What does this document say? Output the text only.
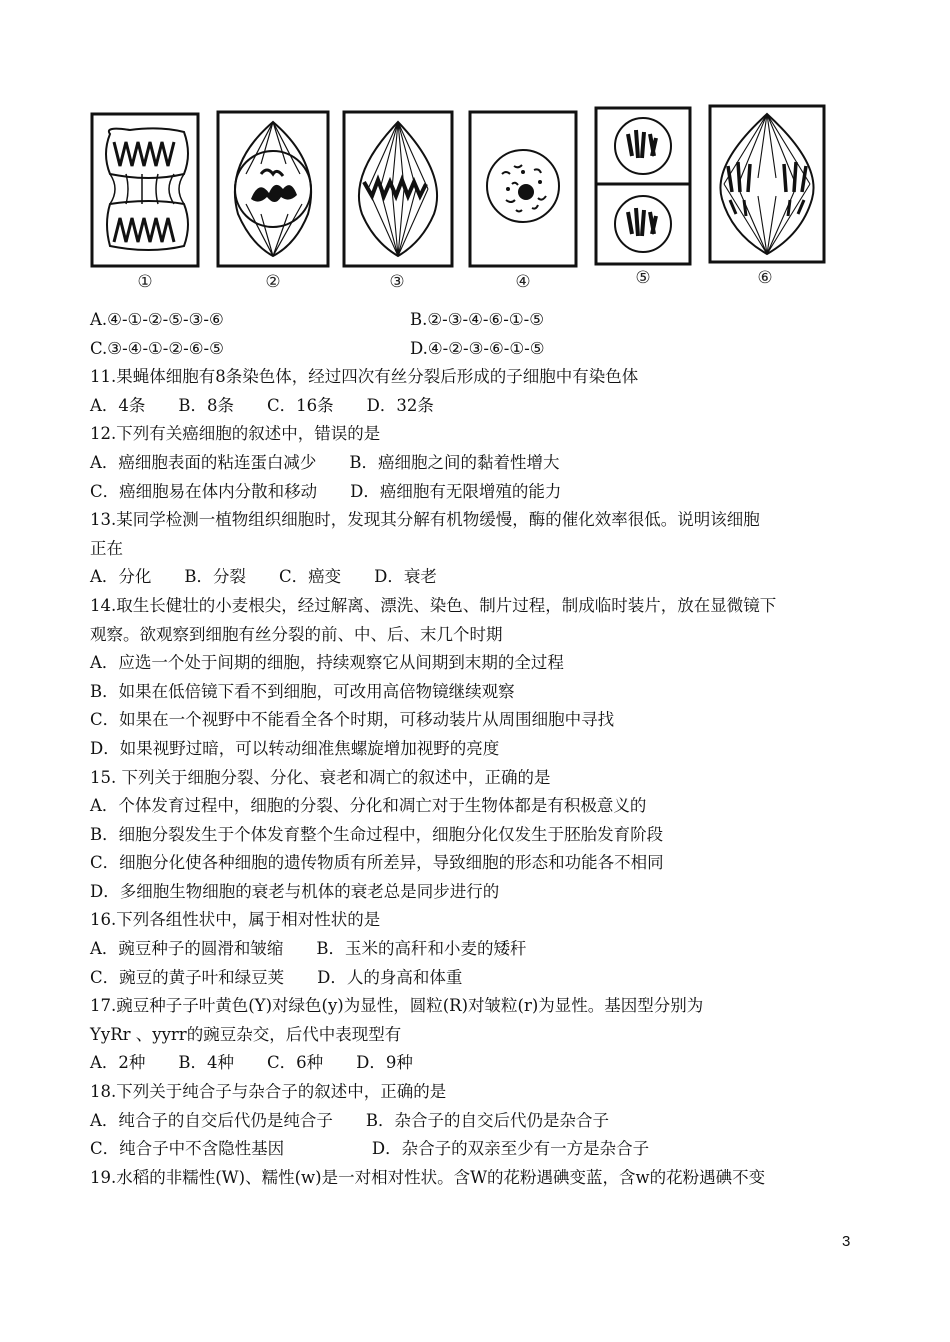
①	②	③	④	⑤	⑥
A.④-①-②-⑤-③-⑥	B.②-③-④-⑥-①-⑤
C.③-④-①-②-⑥-⑤	D.④-②-③-⑥-①-⑤
11.果蝇体细胞有8条染色体，经过四次有丝分裂后形成的子细胞中有染色体
A．4条　　B．8条　　C．16条　　D．32条
12.下列有关癌细胞的叙述中，错误的是
A．癌细胞表面的粘连蛋白减少　　B．癌细胞之间的黏着性增大
C．癌细胞易在体内分散和移动　　D．癌细胞有无限增殖的能力
13.某同学检测一植物组织细胞时，发现其分解有机物缓慢，酶的催化效率很低。说明该细胞
正在
A．分化　　B．分裂　　C．癌变　　D．衰老
14.取生长健壮的小麦根尖，经过解离、漂洗、染色、制片过程，制成临时装片，放在显微镜下
观察。欲观察到细胞有丝分裂的前、中、后、末几个时期
A．应选一个处于间期的细胞，持续观察它从间期到末期的全过程
B．如果在低倍镜下看不到细胞，可改用高倍物镜继续观察
C．如果在一个视野中不能看全各个时期，可移动装片从周围细胞中寻找
D．如果视野过暗，可以转动细准焦螺旋增加视野的亮度
15. 下列关于细胞分裂、分化、衰老和凋亡的叙述中，正确的是
A．个体发育过程中，细胞的分裂、分化和凋亡对于生物体都是有积极意义的
B．细胞分裂发生于个体发育整个生命过程中，细胞分化仅发生于胚胎发育阶段
C．细胞分化使各种细胞的遗传物质有所差异，导致细胞的形态和功能各不相同
D．多细胞生物细胞的衰老与机体的衰老总是同步进行的
16.下列各组性状中，属于相对性状的是
A．豌豆种子的圆滑和皱缩　　B．玉米的高秆和小麦的矮秆
C．豌豆的黄子叶和绿豆荚　　D．人的身高和体重
17.豌豆种子子叶黄色(Y)对绿色(y)为显性，圆粒(R)对皱粒(r)为显性。基因型分别为
YyRr 、yyrr的豌豆杂交，后代中表现型有
A．2种　　B．4种　　C．6种　　D．9种
18.下列关于纯合子与杂合子的叙述中，正确的是
A．纯合子的自交后代仍是纯合子　　B．杂合子的自交后代仍是杂合子
C．纯合子中不含隐性基因　　　　　 D．杂合子的双亲至少有一方是杂合子
19.水稻的非糯性(W)、糯性(w)是一对相对性状。含W的花粉遇碘变蓝，含w的花粉遇碘不变
3
